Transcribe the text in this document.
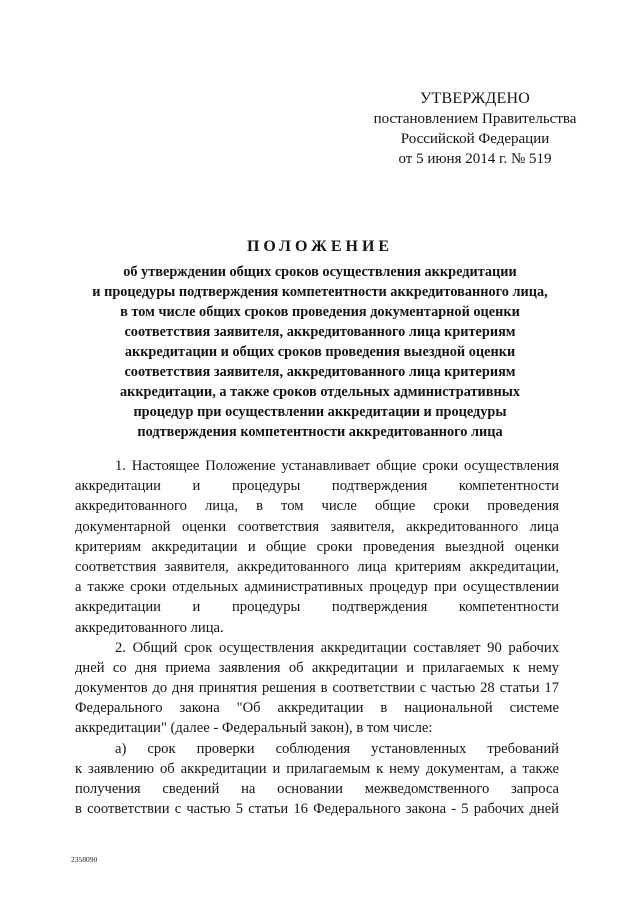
УТВЕРЖДЕНО
постановлением Правительства
Российской Федерации
от 5 июня 2014 г. № 519
ПОЛОЖЕНИЕ
об утверждении общих сроков осуществления аккредитации
и процедуры подтверждения компетентности аккредитованного лица,
в том числе общих сроков проведения документарной оценки
соответствия заявителя, аккредитованного лица критериям
аккредитации и общих сроков проведения выездной оценки
соответствия заявителя, аккредитованного лица критериям
аккредитации, а также сроков отдельных административных
процедур при осуществлении аккредитации и процедуры
подтверждения компетентности аккредитованного лица
1. Настоящее Положение устанавливает общие сроки осуществления
аккредитации и процедуры подтверждения компетентности
аккредитованного лица, в том числе общие сроки проведения
документарной оценки соответствия заявителя, аккредитованного лица
критериям аккредитации и общие сроки проведения выездной оценки
соответствия заявителя, аккредитованного лица критериям аккредитации,
а также сроки отдельных административных процедур при осуществлении
аккредитации и процедуры подтверждения компетентности
аккредитованного лица.
2. Общий срок осуществления аккредитации составляет 90 рабочих
дней со дня приема заявления об аккредитации и прилагаемых к нему
документов до дня принятия решения в соответствии с частью 28 статьи 17
Федерального закона "Об аккредитации в национальной системе
аккредитации" (далее - Федеральный закон), в том числе:
а) срок проверки соблюдения установленных требований
к заявлению об аккредитации и прилагаемым к нему документам, а также
получения сведений на основании межведомственного запроса
в соответствии с частью 5 статьи 16 Федерального закона - 5 рабочих дней
2358090
